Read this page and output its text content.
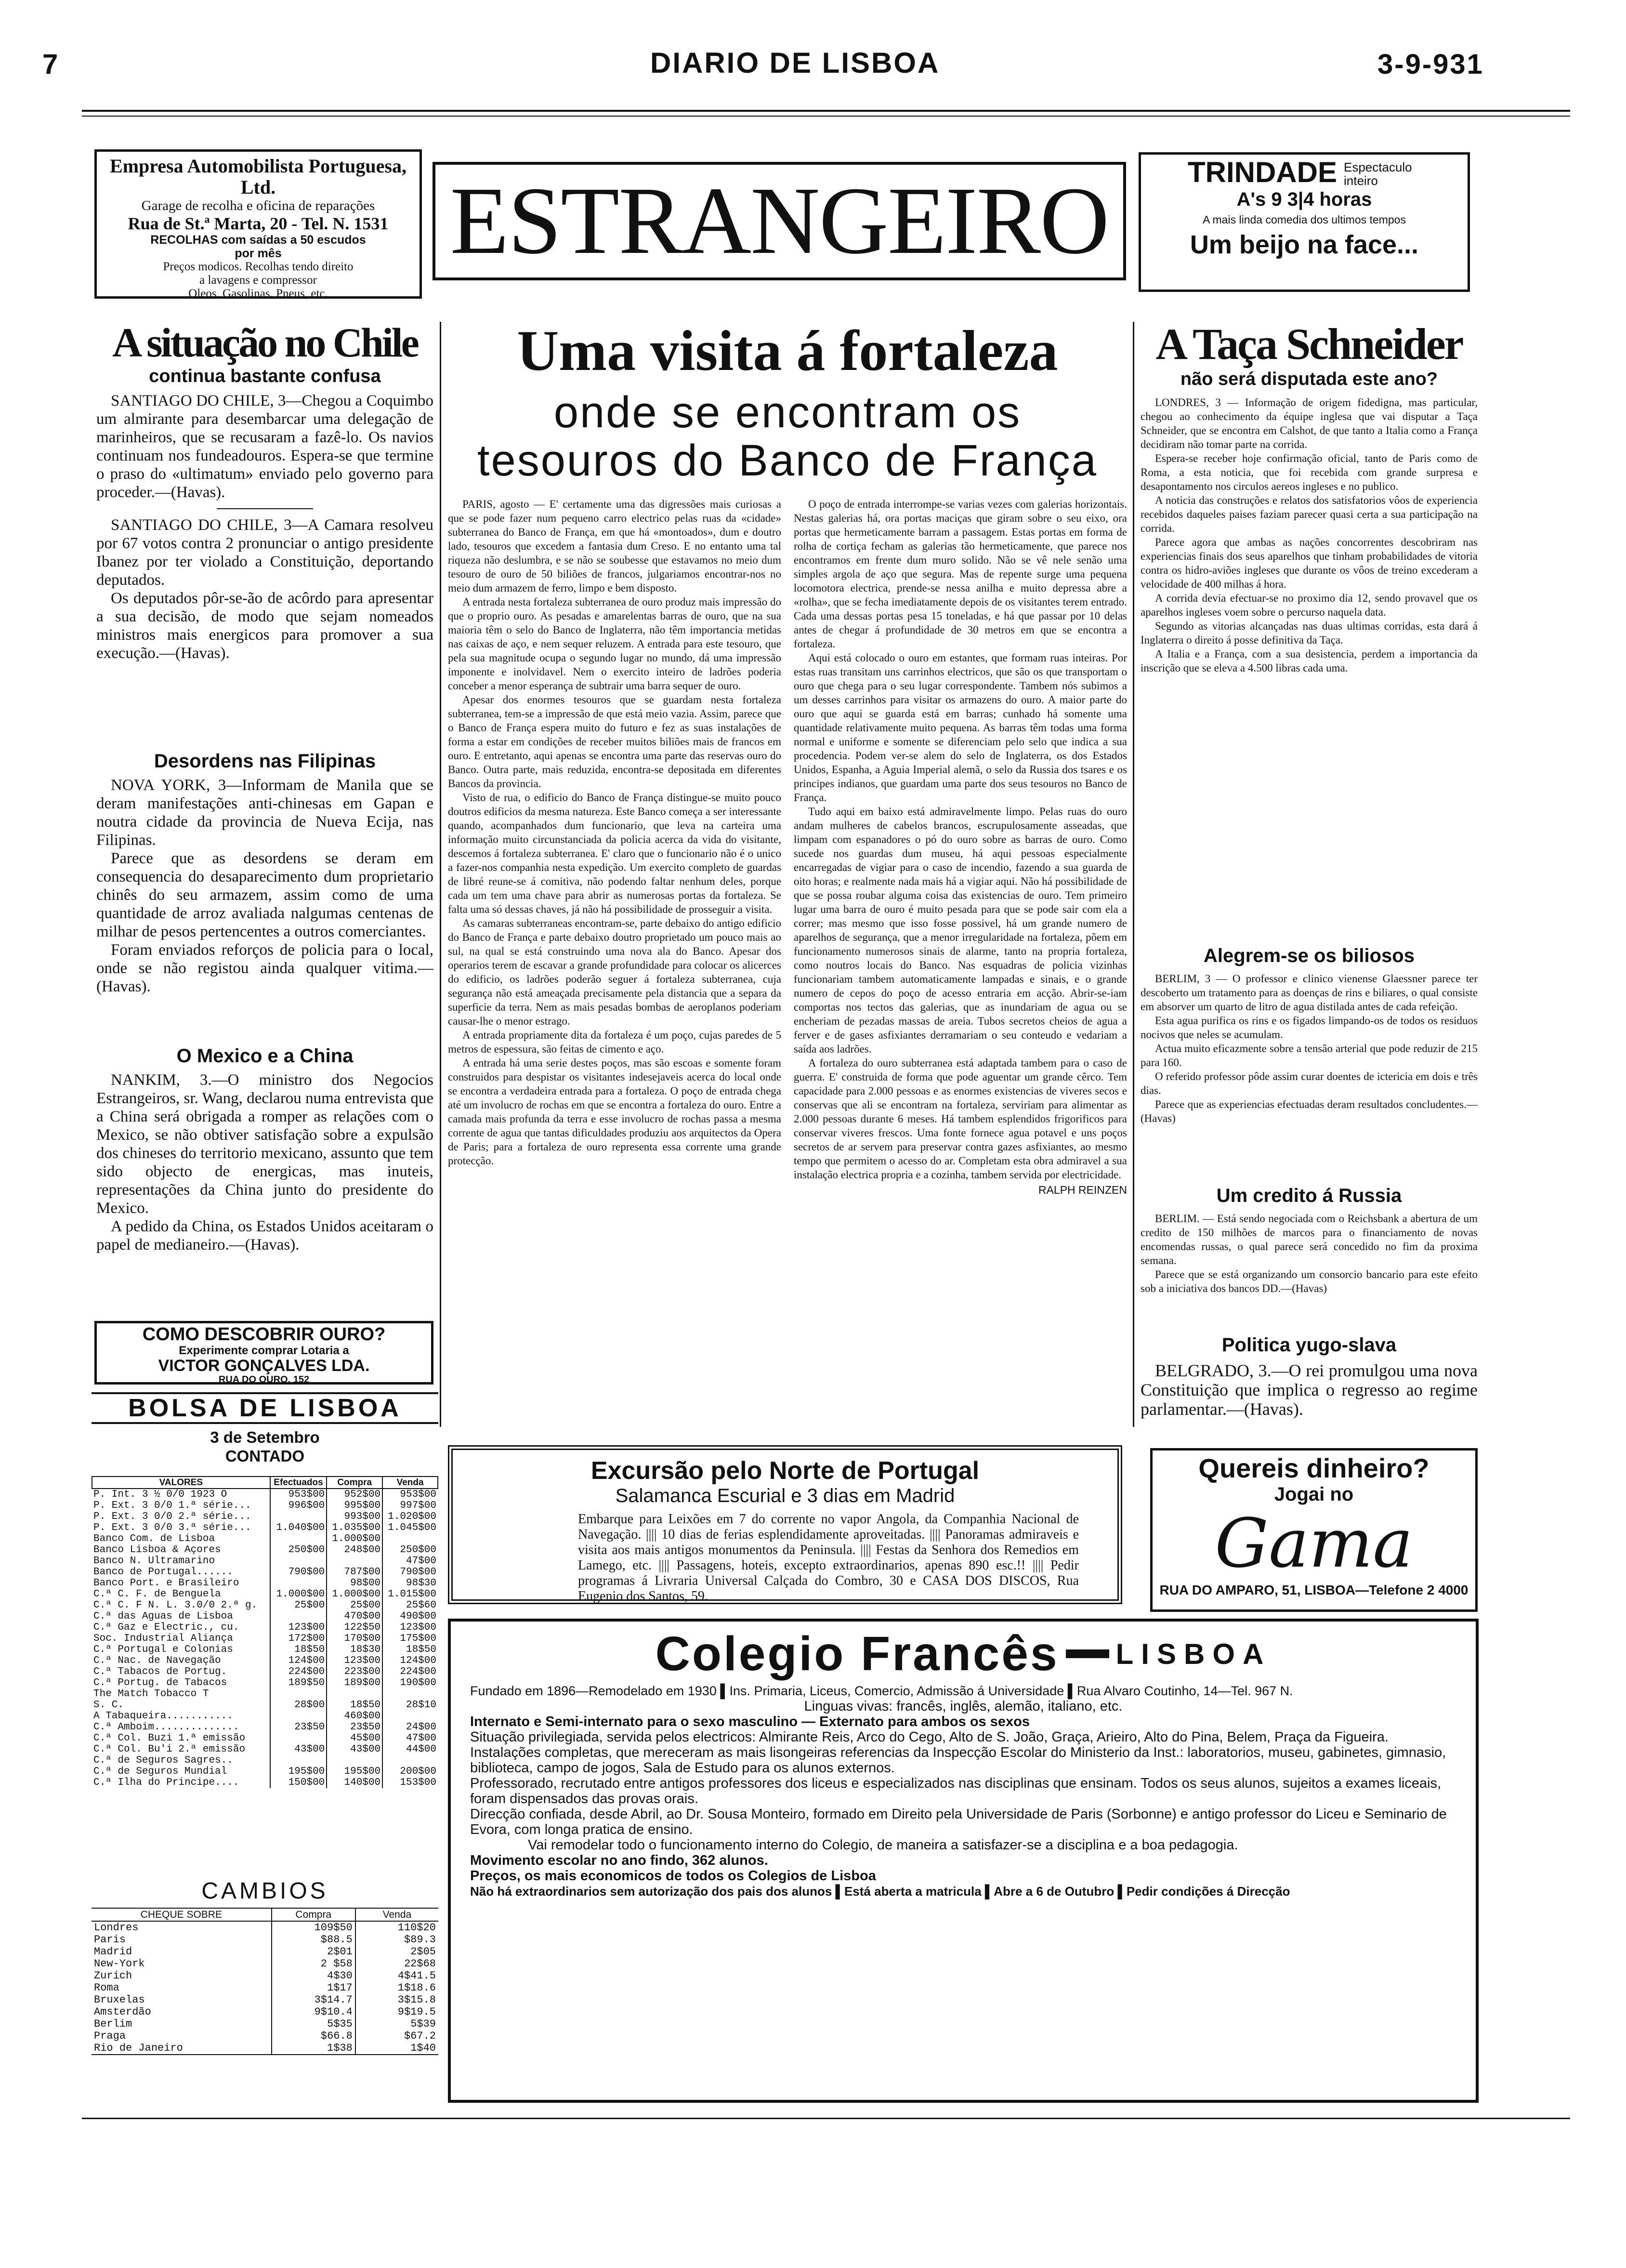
7	DIARIO DE LISBOA	3-9-931
Empresa Automobilista Portuguesa, Ltd.
Garage de recolha e oficina de reparações
Rua de St.ª Marta, 20 - Tel. N. 1531
RECOLHAS com saídas a 50 escudos
por mês
Preços modicos. Recolhas tendo direito
a lavagens e compressor
Oleos. Gasolinas. Pneus, etc.
ESTRANGEIRO	TRINDADE Espectaculo inteiro
A's 9 3|4 horas
A mais linda comedia dos ultimos tempos
Um beijo na face...
A situação no Chile
continua bastante confusa

SANTIAGO DO CHILE, 3—Chegou a Coquimbo um almirante para desembarcar uma delegação de marinheiros, que se recusaram a fazê-lo. Os navios continuam nos fundeadouros. Espera-se que termine o praso do «ultimatum» enviado pelo governo para proceder.—(Havas).

SANTIAGO DO CHILE, 3—A Camara resolveu por 67 votos contra 2 pronunciar o antigo presidente Ibanez por ter violado a Constituição, deportando deputados.

Os deputados pôr-se-ão de acôrdo para apresentar a sua decisão, de modo que sejam nomeados ministros mais energicos para promover a sua execução.—(Havas).

Desordens nas Filipinas

NOVA YORK, 3—Informam de Manila que se deram manifestações anti-chinesas em Gapan e noutra cidade da provincia de Nueva Ecija, nas Filipinas.

Parece que as desordens se deram em consequencia do desaparecimento dum proprietario chinês do seu armazem, assim como de uma quantidade de arroz avaliada nalgumas centenas de milhar de pesos pertencentes a outros comerciantes.

Foram enviados reforços de policia para o local, onde se não registou ainda qualquer vitima.—(Havas).

O Mexico e a China

NANKIM, 3.—O ministro dos Negocios Estrangeiros, sr. Wang, declarou numa entrevista que a China será obrigada a romper as relações com o Mexico, se não obtiver satisfação sobre a expulsão dos chineses do territorio mexicano, assunto que tem sido objecto de energicas, mas inuteis, representações da China junto do presidente do Mexico.

A pedido da China, os Estados Unidos aceitaram o papel de medianeiro.—(Havas).

COMO DESCOBRIR OURO?
Experimente comprar Lotaria a
VICTOR GONÇALVES LDA.
RUA DO OURO, 152
BOLSA DE LISBOA
3 de Setembro
CONTADO
VALORES	Efectuados	Compra	Venda
P. Int. 3 ½ 0/0 1923 O	953$00	952$00	953$00
P. Ext. 3 0/0 1.ª série...	996$00	995$00	997$00
P. Ext. 3 0/0 2.ª série...		993$00	1.020$00
P. Ext. 3 0/0 3.ª série...	1.040$00	1.035$00	1.045$00
Banco Com. de Lisboa		1.000$00	
Banco Lisboa & Açores	250$00	248$00	250$00
Banco N. Ultramarino			47$00
Banco de Portugal......	790$00	787$00	790$00
Banco Port. e Brasileiro		98$00	98$30
C.ª C. F. de Benguela	1.000$00	1.000$00	1.015$00
C.ª C. F N. L. 3.0/0 2.ª g.	25$00	25$00	25$60
C.ª das Aguas de Lisboa		470$00	490$00
C.ª Gaz e Electric., cu.	123$00	122$50	123$00
Soc. Industrial Aliança	172$00	170$00	175$00
C.ª Portugal e Colonias	18$50	18$30	18$50
C.ª Nac. de Navegação	124$00	123$00	124$00
C.ª Tabacos de Portug.	224$00	223$00	224$00
C.ª Portug. de Tabacos	189$50	189$00	190$00
The Match Tobacco T			
S. C.	28$00	18$50	28$10
A Tabaqueira...........		460$00	
C.ª Amboim..............	23$50	23$50	24$00
C.ª Col. Buzi 1.ª emissão		45$00	47$00
C.ª Col. Bu'i 2.ª emissão	43$00	43$00	44$00
C.ª de Seguros Sagres..			
C.ª de Seguros Mundial	195$00	195$00	200$00
C.ª Ilha do Principe....	150$00	140$00	153$00
CAMBIOS
CHEQUE SOBRE	Compra	Venda
Londres	109$50	110$20
Paris	$88.5	$89.3
Madrid	2$01	2$05
New-York	2 $58	22$68
Zurich	4$30	4$41.5
Roma	1$17	1$18.6
Bruxelas	3$14.7	3$15.8
Amsterdão	9$10.4	9$19.5
Berlim	5$35	5$39
Praga	$66.8	$67.2
Rio de Janeiro	1$38	1$40
Uma visita á fortaleza
onde se encontram os tesouros do Banco de França

PARIS, agosto — E' certamente uma das digressões mais curiosas a que se pode fazer num pequeno carro electrico pelas ruas da «cidade» subterranea do Banco de França, em que há «montoados», dum e doutro lado, tesouros que excedem a fantasia dum Creso. E no entanto uma tal riqueza não deslumbra, e se não se soubesse que estavamos no meio dum tesouro de ouro de 50 biliões de francos, julgariamos encontrar-nos no meio dum armazem de ferro, limpo e bem disposto.

A entrada nesta fortaleza subterranea de ouro produz mais impressão do que o proprio ouro. As pesadas e amarelentas barras de ouro, que na sua maioria têm o selo do Banco de Inglaterra, não têm importancia metidas nas caixas de aço, e nem sequer reluzem. A entrada para este tesouro, que pela sua magnitude ocupa o segundo lugar no mundo, dá uma impressão imponente e inolvidavel. Nem o exercito inteiro de ladrões poderia conceber a menor esperança de subtrair uma barra sequer de ouro.

Apesar dos enormes tesouros que se guardam nesta fortaleza subterranea, tem-se a impressão de que está meio vazia. Assim, parece que o Banco de França espera muito do futuro e fez as suas instalações de forma a estar em condições de receber muitos biliões mais de francos em ouro. E entretanto, aqui apenas se encontra uma parte das reservas ouro do Banco. Outra parte, mais reduzida, encontra-se depositada em diferentes Bancos da provincia.

Visto de rua, o edificio do Banco de França distingue-se muito pouco doutros edificios da mesma natureza. Este Banco começa a ser interessante quando, acompanhados dum funcionario, que leva na carteira uma informação muito circunstanciada da policia acerca da vida do visitante, descemos á fortaleza subterranea. E' claro que o funcionario não é o unico a fazer-nos companhia nesta expedição. Um exercito completo de guardas de libré reune-se á comitiva, não podendo faltar nenhum deles, porque cada um tem uma chave para abrir as numerosas portas da fortaleza. Se falta uma só dessas chaves, já não há possibilidade de prosseguir a visita.

As camaras subterraneas encontram-se, parte debaixo do antigo edificio do Banco de França e parte debaixo doutro proprietado um pouco mais ao sul, na qual se está construindo uma nova ala do Banco. Apesar dos operarios terem de escavar a grande profundidade para colocar os alicerces do edificio, os ladrões poderão seguer á fortaleza subterranea, cuja segurança não está ameaçada precisamente pela distancia que a separa da superficie da terra. Nem as mais pesadas bombas de aeroplanos poderiam causar-lhe o menor estrago.

A entrada propriamente dita da fortaleza é um poço, cujas paredes de 5 metros de espessura, são feitas de cimento e aço.

A entrada há uma serie destes poços, mas são escoas e somente foram construidos para despistar os visitantes indesejaveis acerca do local onde se encontra a verdadeira entrada para a fortaleza. O poço de entrada chega até um involucro de rochas em que se encontra a fortaleza do ouro. Entre a camada mais profunda da terra e esse involucro de rochas passa a mesma corrente de agua que tantas dificuldades produziu aos arquitectos da Opera de Paris; para a fortaleza de ouro representa essa corrente uma grande protecção.

O poço de entrada interrompe-se varias vezes com galerias horizontais. Nestas galerias há, ora portas maciças que giram sobre o seu eixo, ora portas que hermeticamente barram a passagem. Estas portas em forma de rolha de cortiça fecham as galerias tão hermeticamente, que parece nos encontramos em frente dum muro solido. Não se vê nele senão uma simples argola de aço que segura. Mas de repente surge uma pequena locomotora electrica, prende-se nessa anilha e muito depressa abre a «rolha», que se fecha imediatamente depois de os visitantes terem entrado. Cada uma dessas portas pesa 15 toneladas, e há que passar por 10 delas antes de chegar á profundidade de 30 metros em que se encontra a fortaleza.

Aqui está colocado o ouro em estantes, que formam ruas inteiras. Por estas ruas transitam uns carrinhos electricos, que são os que transportam o ouro que chega para o seu lugar correspondente. Tambem nós subimos a um desses carrinhos para visitar os armazens do ouro. A maior parte do ouro que aqui se guarda está em barras; cunhado há somente uma quantidade relativamente muito pequena. As barras têm todas uma forma normal e uniforme e somente se diferenciam pelo selo que indica a sua procedencia. Podem ver-se alem do selo de Inglaterra, os dos Estados Unidos, Espanha, a Aguia Imperial alemã, o selo da Russia dos tsares e os principes indianos, que guardam uma parte dos seus tesouros no Banco de França.

Tudo aqui em baixo está admiravelmente limpo. Pelas ruas do ouro andam mulheres de cabelos brancos, escrupulosamente asseadas, que limpam com espanadores o pó do ouro sobre as barras de ouro. Como sucede nos guardas dum museu, há aqui pessoas especialmente encarregadas de vigiar para o caso de incendio, fazendo a sua guarda de oito horas; e realmente nada mais há a vigiar aqui. Não há possibilidade de que se possa roubar alguma coisa das existencias de ouro. Tem primeiro lugar uma barra de ouro é muito pesada para que se pode sair com ela a correr; mas mesmo que isso fosse possivel, há um grande numero de aparelhos de segurança, que a menor irregularidade na fortaleza, põem em funcionamento numerosos sinais de alarme, tanto na propria fortaleza, como noutros locais do Banco. Nas esquadras de policia vizinhas funcionariam tambem automaticamente lampadas e sinais, e o grande numero de cepos do poço de acesso entraria em acção. Abrir-se-iam comportas nos tectos das galerias, que as inundariam de agua ou se encheriam de pezadas massas de areia. Tubos secretos cheios de agua a ferver e de gases asfixiantes derramariam o seu conteudo e vedariam a saída aos ladrões.

A fortaleza do ouro subterranea está adaptada tambem para o caso de guerra. E' construida de forma que pode aguentar um grande cêrco. Tem capacidade para 2.000 pessoas e as enormes existencias de viveres secos e conservas que ali se encontram na fortaleza, serviriam para alimentar as 2.000 pessoas durante 6 meses. Há tambem esplendidos frigorificos para conservar viveres frescos. Uma fonte fornece agua potavel e uns poços secretos de ar servem para preservar contra gazes asfixiantes, ao mesmo tempo que permitem o acesso do ar. Completam esta obra admiravel a sua instalação electrica propria e a cozinha, tambem servida por electricidade.

RALPH REINZEN
A Taça Schneider
não será disputada este ano?

LONDRES, 3 — Informação de origem fidedigna, mas particular, chegou ao conhecimento da équipe inglesa que vai disputar a Taça Schneider, que se encontra em Calshot, de que tanto a Italia como a França decidiram não tomar parte na corrida.

Espera-se receber hoje confirmação oficial, tanto de Paris como de Roma, a esta noticia, que foi recebida com grande surpresa e desapontamento nos circulos aereos ingleses e no publico.

A noticia das construções e relatos dos satisfatorios vôos de experiencia recebidos daqueles paises faziam parecer quasi certa a sua participação na corrida.

Parece agora que ambas as nações concorrentes descobriram nas experiencias finais dos seus aparelhos que tinham probabilidades de vitoria contra os hidro-aviões ingleses que durante os vôos de treino excederam a velocidade de 400 milhas á hora.

A corrida devia efectuar-se no proximo dia 12, sendo provavel que os aparelhos ingleses voem sobre o percurso naquela data.

Segundo as vitorias alcançadas nas duas ultimas corridas, esta dará á Inglaterra o direito á posse definitiva da Taça.

A Italia e a França, com a sua desistencia, perdem a importancia da inscrição que se eleva a 4.500 libras cada uma.

Alegrem-se os biliosos

BERLIM, 3 — O professor e clinico vienense Glaessner parece ter descoberto um tratamento para as doenças de rins e biliares, o qual consiste em absorver um quarto de litro de agua distilada antes de cada refeição.

Esta agua purifica os rins e os figados limpando-os de todos os residuos nocivos que neles se acumulam.

Actua muito eficazmente sobre a tensão arterial que pode reduzir de 215 para 160.

O referido professor pôde assim curar doentes de ictericia em dois e três dias.

Parece que as experiencias efectuadas deram resultados concludentes.—(Havas)

Um credito á Russia

BERLIM. — Está sendo negociada com o Reichsbank a abertura de um credito de 150 milhões de marcos para o financiamento de novas encomendas russas, o qual parece será concedido no fim da proxima semana.

Parece que se está organizando um consorcio bancario para este efeito sob a iniciativa dos bancos DD.—(Havas)

Politica yugo-slava

BELGRADO, 3.—O rei promulgou uma nova Constituição que implica o regresso ao regime parlamentar.—(Havas).

Excursão pelo Norte de Portugal
Salamanca Escurial e 3 dias em Madrid

Embarque para Leixões em 7 do corrente no vapor Angola, da Companhia Nacional de Navegação. |||| 10 dias de ferias esplendidamente aproveitadas. |||| Panoramas admiraveis e visita aos mais antigos monumentos da Peninsula. |||| Festas da Senhora dos Remedios em Lamego, etc. |||| Passagens, hoteis, excepto extraordinarios, apenas 890 esc.!! |||| Pedir programas á Livraria Universal Calçada do Combro, 30 e CASA DOS DISCOS, Rua Eugenio dos Santos, 59.

Quereis dinheiro?
Jogai no
Gama
RUA DO AMPARO, 51, LISBOA—Telefone 2 4000
Colegio Francês LISBOA

Fundado em 1896—Remodelado em 1930 ▌Ins. Primaria, Liceus, Comercio, Admissão á Universidade ▌Rua Alvaro Coutinho, 14—Tel. 967 N.

Linguas vivas: francês, inglês, alemão, italiano, etc.

Internato e Semi-internato para o sexo masculino — Externato para ambos os sexos

Situação privilegiada, servida pelos electricos: Almirante Reis, Arco do Cego, Alto de S. João, Graça, Arieiro, Alto do Pina, Belem, Praça da Figueira.

Instalações completas, que mereceram as mais lisongeiras referencias da Inspecção Escolar do Ministerio da Inst.: laboratorios, museu, gabinetes, gimnasio, biblioteca, campo de jogos, Sala de Estudo para os alunos externos.

Professorado, recrutado entre antigos professores dos liceus e especializados nas disciplinas que ensinam. Todos os seus alunos, sujeitos a exames liceais, foram dispensados das provas orais.

Direcção confiada, desde Abril, ao Dr. Sousa Monteiro, formado em Direito pela Universidade de Paris (Sorbonne) e antigo professor do Liceu e Seminario de Evora, com longa pratica de ensino.

Vai remodelar todo o funcionamento interno do Colegio, de maneira a satisfazer-se a disciplina e a boa pedagogia.

Movimento escolar no ano findo, 362 alunos.

Preços, os mais economicos de todos os Colegios de Lisboa

Não há extraordinarios sem autorização dos pais dos alunos ▌Está aberta a matricula ▌Abre a 6 de Outubro ▌Pedir condições á Direcção
